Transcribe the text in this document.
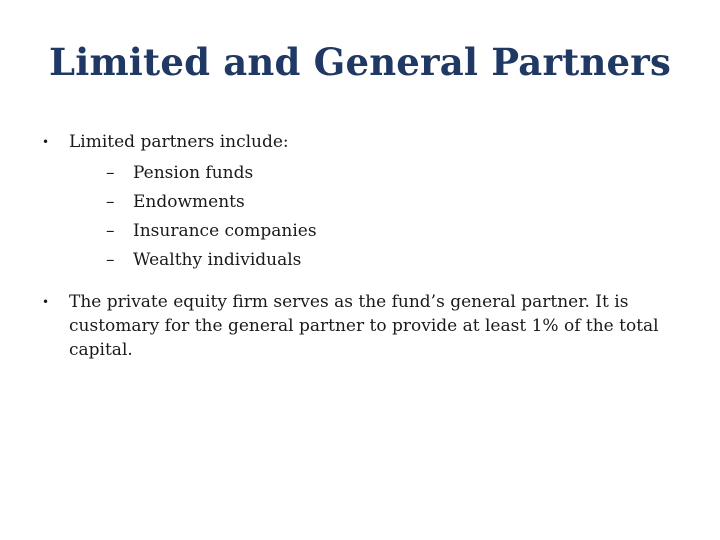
Limited and General Partners
• Limited partners include:
– Pension funds
– Endowments
– Insurance companies
– Wealthy individuals
• The private equity firm serves as the fund’s general partner. It is customary for the general partner to provide at least 1% of the total capital.
